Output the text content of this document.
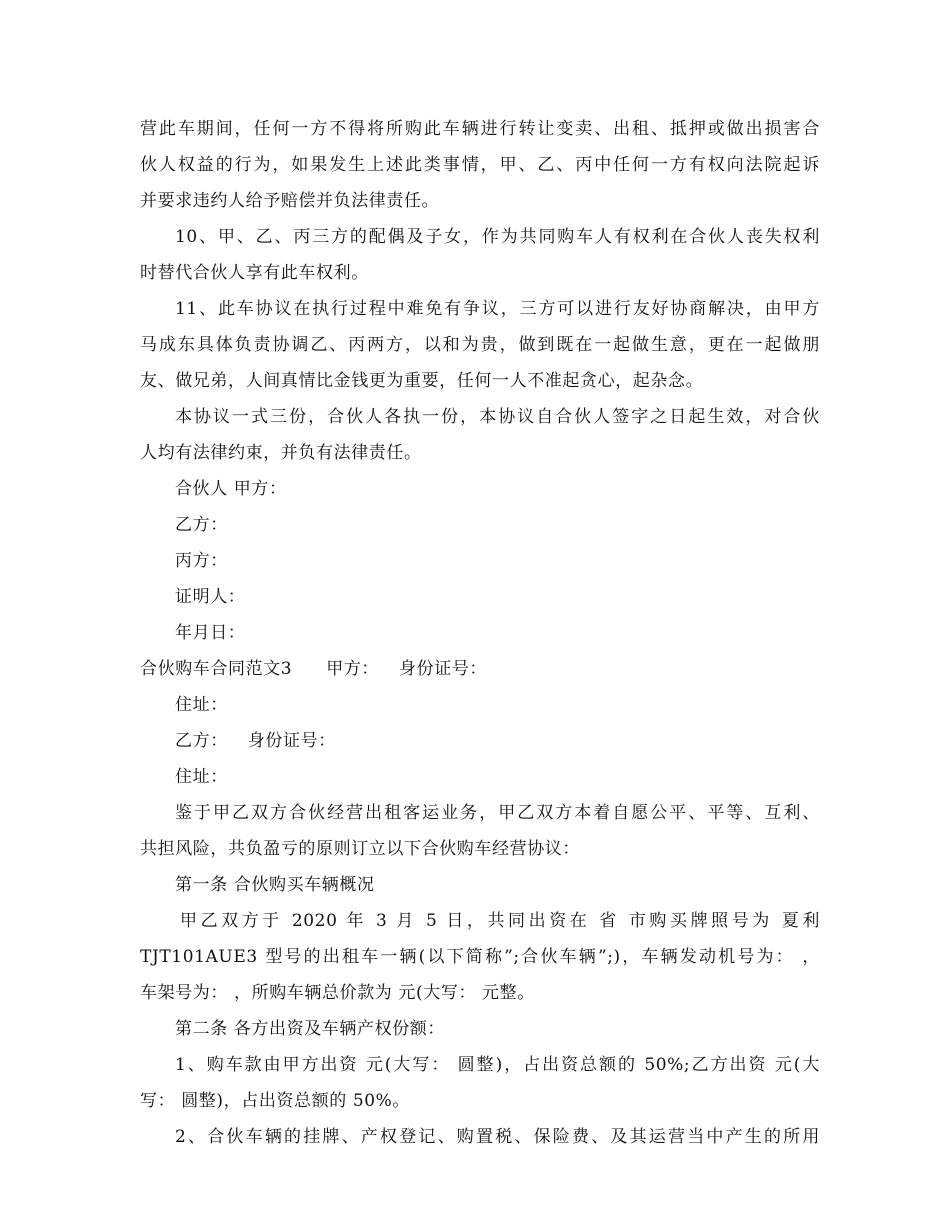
营此车期间，任何一方不得将所购此车辆进行转让变卖、出租、抵押或做出损害合
伙人权益的行为，如果发生上述此类事情，甲、乙、丙中任何一方有权向法院起诉
并要求违约人给予赔偿并负法律责任。
10、甲、乙、丙三方的配偶及子女，作为共同购车人有权利在合伙人丧失权利
时替代合伙人享有此车权利。
11、此车协议在执行过程中难免有争议，三方可以进行友好协商解决，由甲方
马成东具体负责协调乙、丙两方，以和为贵，做到既在一起做生意，更在一起做朋
友、做兄弟，人间真情比金钱更为重要，任何一人不准起贪心，起杂念。
本协议一式三份，合伙人各执一份，本协议自合伙人签字之日起生效，对合伙
人均有法律约束，并负有法律责任。
合伙人 甲方：
乙方：
丙方：
证明人：
年月日：
合伙购车合同范文3 甲方： 身份证号：
住址：
乙方： 身份证号：
住址：
鉴于甲乙双方合伙经营出租客运业务，甲乙双方本着自愿公平、平等、互利、
共担风险，共负盈亏的原则订立以下合伙购车经营协议：
第一条 合伙购买车辆概况
甲乙双方于 2020 年 3 月 5 日，共同出资在 省 市购买牌照号为 夏利
TJT101AUE3 型号的出租车一辆(以下简称”;合伙车辆”;)，车辆发动机号为： ，
车架号为： ，所购车辆总价款为 元(大写： 元整。
第二条 各方出资及车辆产权份额：
1、购车款由甲方出资 元(大写： 圆整)，占出资总额的 50%;乙方出资 元(大
写： 圆整)，占出资总额的 50%。
2、合伙车辆的挂牌、产权登记、购置税、保险费、及其运营当中产生的所用
